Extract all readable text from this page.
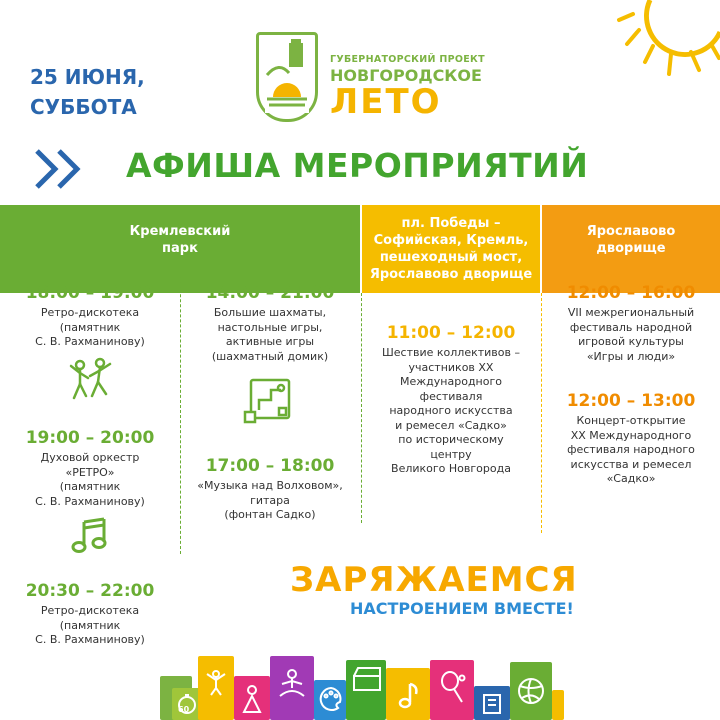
25 ИЮНЯ,
СУББОТА
ГУБЕРНАТОРСКИЙ ПРОЕКТ
НОВГОРОДСКОЕ
ЛЕТО
АФИША МЕРОПРИЯТИЙ
Кремлевский
парк
пл. Победы –
Софийская, Кремль,
пешеходный мост,
Ярославово дворище
Ярославово
дворище
18:00 – 19:00
Ретро-дискотека
(памятник
С. В. Рахманинову)
19:00 – 20:00
Духовой оркестр
«РЕТРО»
(памятник
С. В. Рахманинову)
20:30 – 22:00
Ретро-дискотека
(памятник
С. В. Рахманинову)
14:00 – 21:00
Большие шахматы,
настольные игры,
активные игры
(шахматный домик)
17:00 – 18:00
«Музыка над Волховом»,
гитара
(фонтан Садко)
11:00 – 12:00
Шествие коллективов –
участников XX
Международного
фестиваля
народного искусства
и ремесел «Садко»
по историческому
центру
Великого Новгорода
12:00 – 16:00
VII межрегиональный
фестиваль народной
игровой культуры
«Игры и люди»
12:00 – 13:00
Концерт-открытие
XX Международного
фестиваля народного
искусства и ремесел
«Садко»
ЗАРЯЖАЕМСЯ
НАСТРОЕНИЕМ ВМЕСТЕ!
60
